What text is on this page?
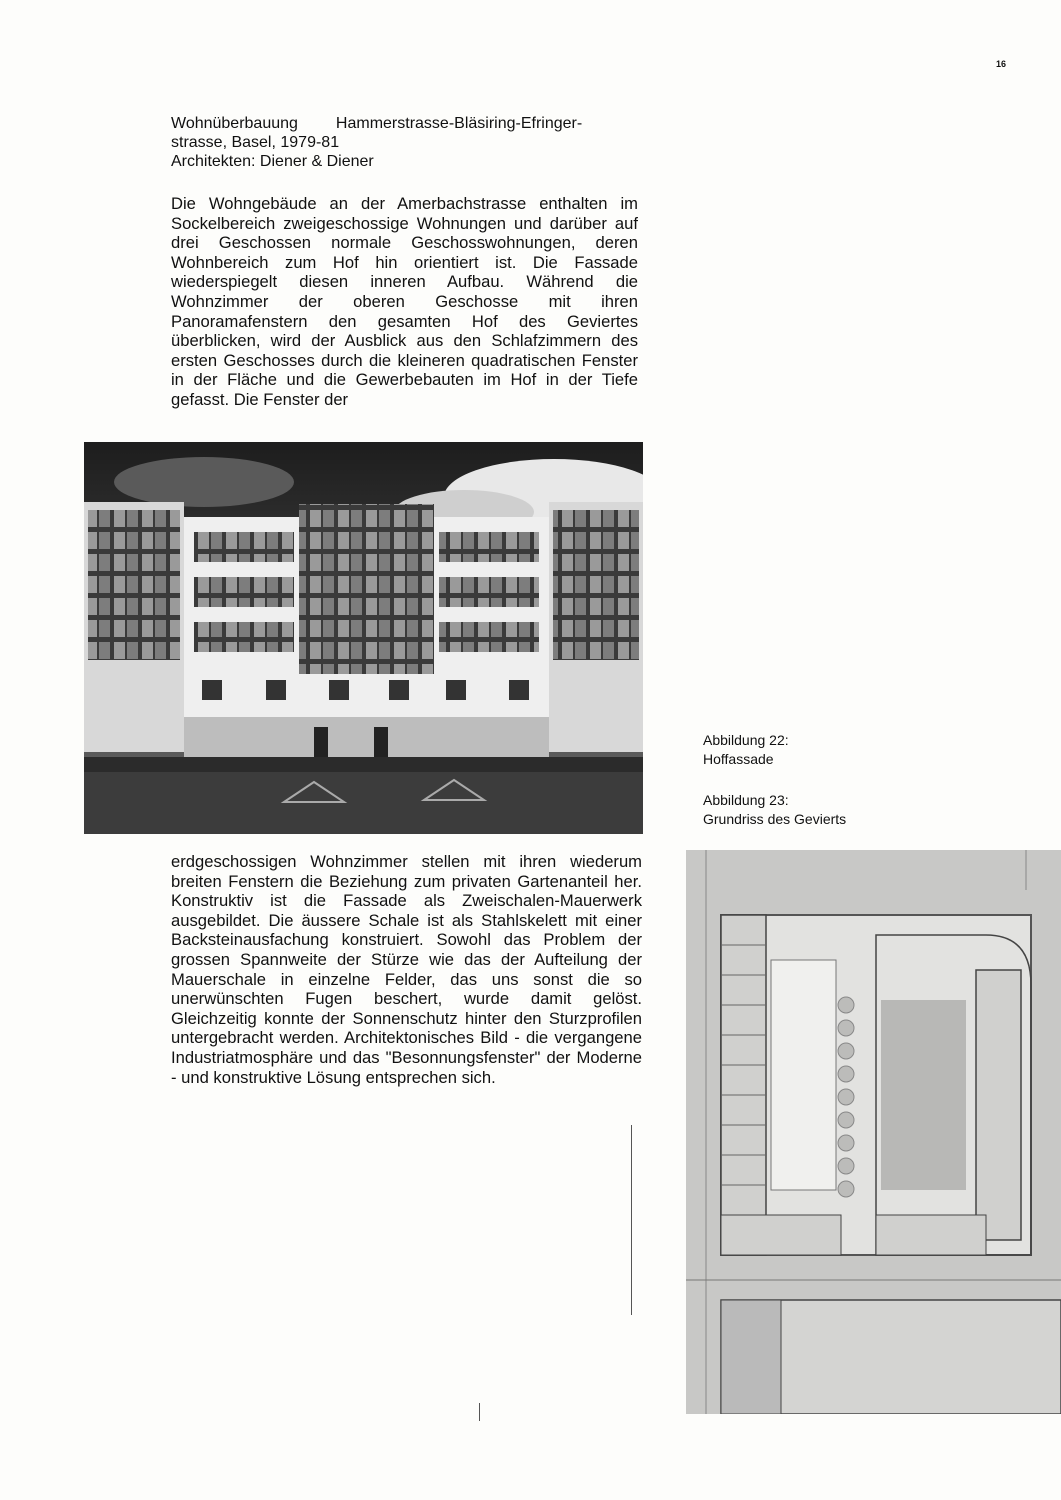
16
Wohnüberbauung Hammerstrasse-Bläsiring-Efringer-
strasse, Basel, 1979-81
Architekten: Diener & Diener
Die Wohngebäude an der Amerbachstrasse enthalten im Sockelbereich zweigeschossige Wohnungen und darüber auf drei Geschossen normale Geschosswohnungen, deren Wohnbereich zum Hof hin orientiert ist. Die Fassade wiederspiegelt diesen inneren Aufbau. Während die Wohnzimmer der oberen Geschosse mit ihren Panoramafenstern den gesamten Hof des Geviertes überblicken, wird der Ausblick aus den Schlafzimmern des ersten Geschosses durch die kleineren quadratischen Fenster in der Fläche und die Gewerbebauten im Hof in der Tiefe gefasst. Die Fenster der
Abbildung 22:
Hoffassade
Abbildung 23:
Grundriss des Gevierts
erdgeschossigen Wohnzimmer stellen mit ihren wiederum breiten Fenstern die Beziehung zum privaten Gartenanteil her. Konstruktiv ist die Fassade als Zweischalen-Mauerwerk ausgebildet. Die äussere Schale ist als Stahlskelett mit einer Backsteinausfachung konstruiert. Sowohl das Problem der grossen Spannweite der Stürze wie das der Aufteilung der Mauerschale in einzelne Felder, das uns sonst die so unerwünschten Fugen beschert, wurde damit gelöst. Gleichzeitig konnte der Sonnenschutz hinter den Sturzprofilen untergebracht werden. Architektonisches Bild - die vergangene Industriatmosphäre und das "Besonnungsfenster" der Moderne - und konstruktive Lösung entsprechen sich.
